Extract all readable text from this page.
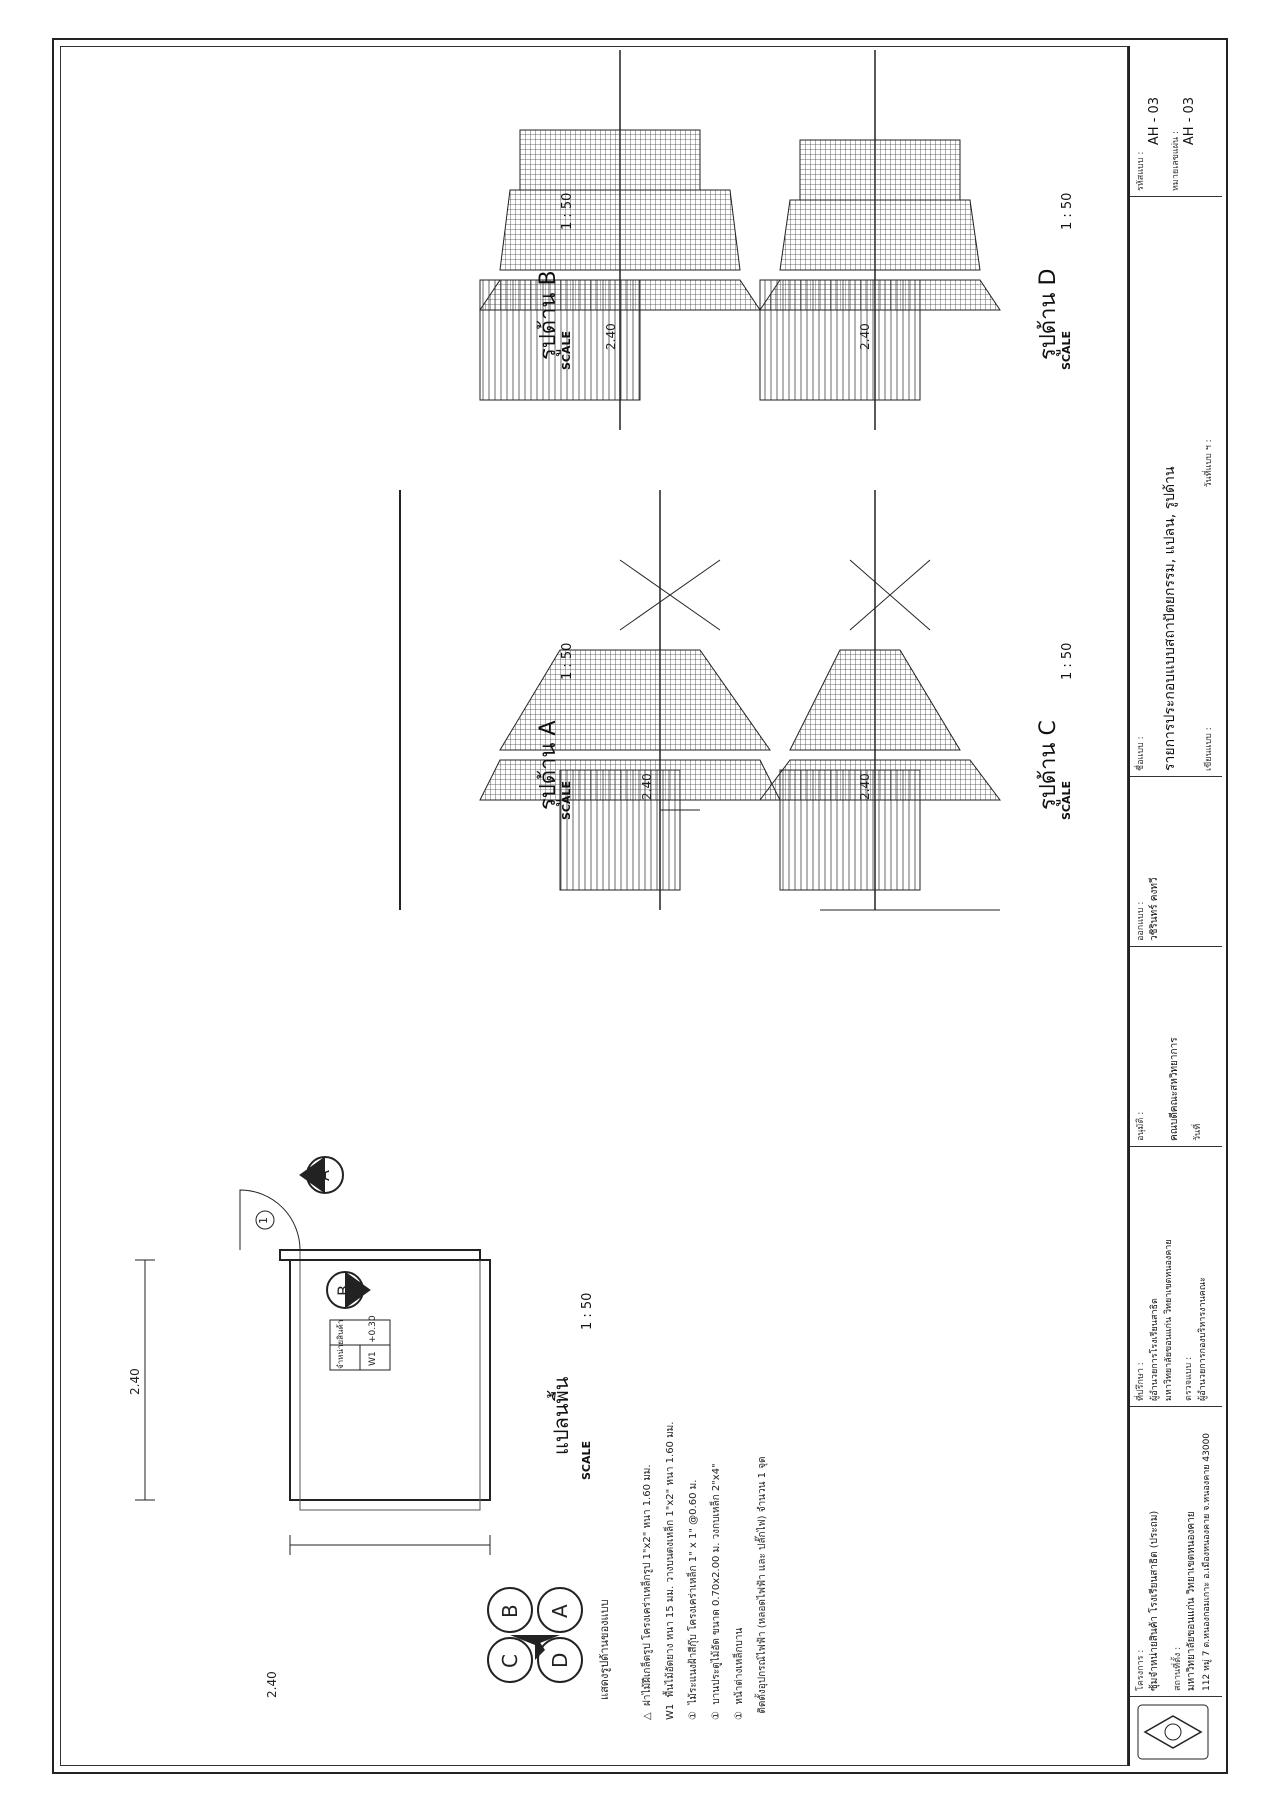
C
B
D
A แสดงรูปด้านของแบบ
แปลนพื้น
SCALE
1 : 50
2.40
2.40
จำหน่ายสินค้า	W1
+0.30
A
B
1
△  ฝาไม้ฝีเกล็ดรูป โครงเคร่าเหล็กรูป 1"x2" หนา 1.60 มม.
W1  พื้นไม้อัดยาง หนา 15 มม. วางบนตงเหล็ก 1"x2" หนา 1.60 มม.
①  ไม้ระแนงฝ้าสีกุ๊บ โครงเคร่าเหล็ก 1" x 1" @0.60 ม.
①  บานประตูไม้อัด ขนาด 0.70x2.00 ม. วงกบเหล็ก 2"x4"
①  หน้าต่างเหล็กบาน ติดตั้งอุปกรณ์ไฟฟ้า (หลอดไฟฟ้า และ ปลั๊กไฟ) จำนวน 1 จุด
รูปด้าน A SCALE
1 : 50
2.40	รูปด้าน C SCALE
1 : 50
2.40
รูปด้าน B SCALE
1 : 50
2.40	รูปด้าน D SCALE
1 : 50
2.40
โครงการ : ซุ้มจำหน่ายสินค้า โรงเรียนสาธิต (ประถม)	สถานที่ตั้ง : มหาวิทยาลัยขอนแก่น วิทยาเขตหนองคาย 112 หมู่ 7 ต.หนองกอมเกาะ อ.เมืองหนองคาย จ.หนองคาย 43000
ที่ปรึกษา : ผู้อำนวยการโรงเรียนสาธิต มหาวิทยาลัยขอนแก่น วิทยาเขตหนองคาย	ตรวจแบบ : ผู้อำนวยการกองบริหารงานคณะ
อนุมัติ : คณบดีคณะสหวิทยาการ	วันที่
ออกแบบ : วชิรินทร์ คงทวี
ชื่อแบบ : รายการประกอบแบบสถาปัตยกรรม, แปลน, รูปด้าน	เขียนแบบ : วันที่แบบ ฯ :
รหัสแบบ :
AH - 03
หมายเลขแผ่น :
AH - 03
